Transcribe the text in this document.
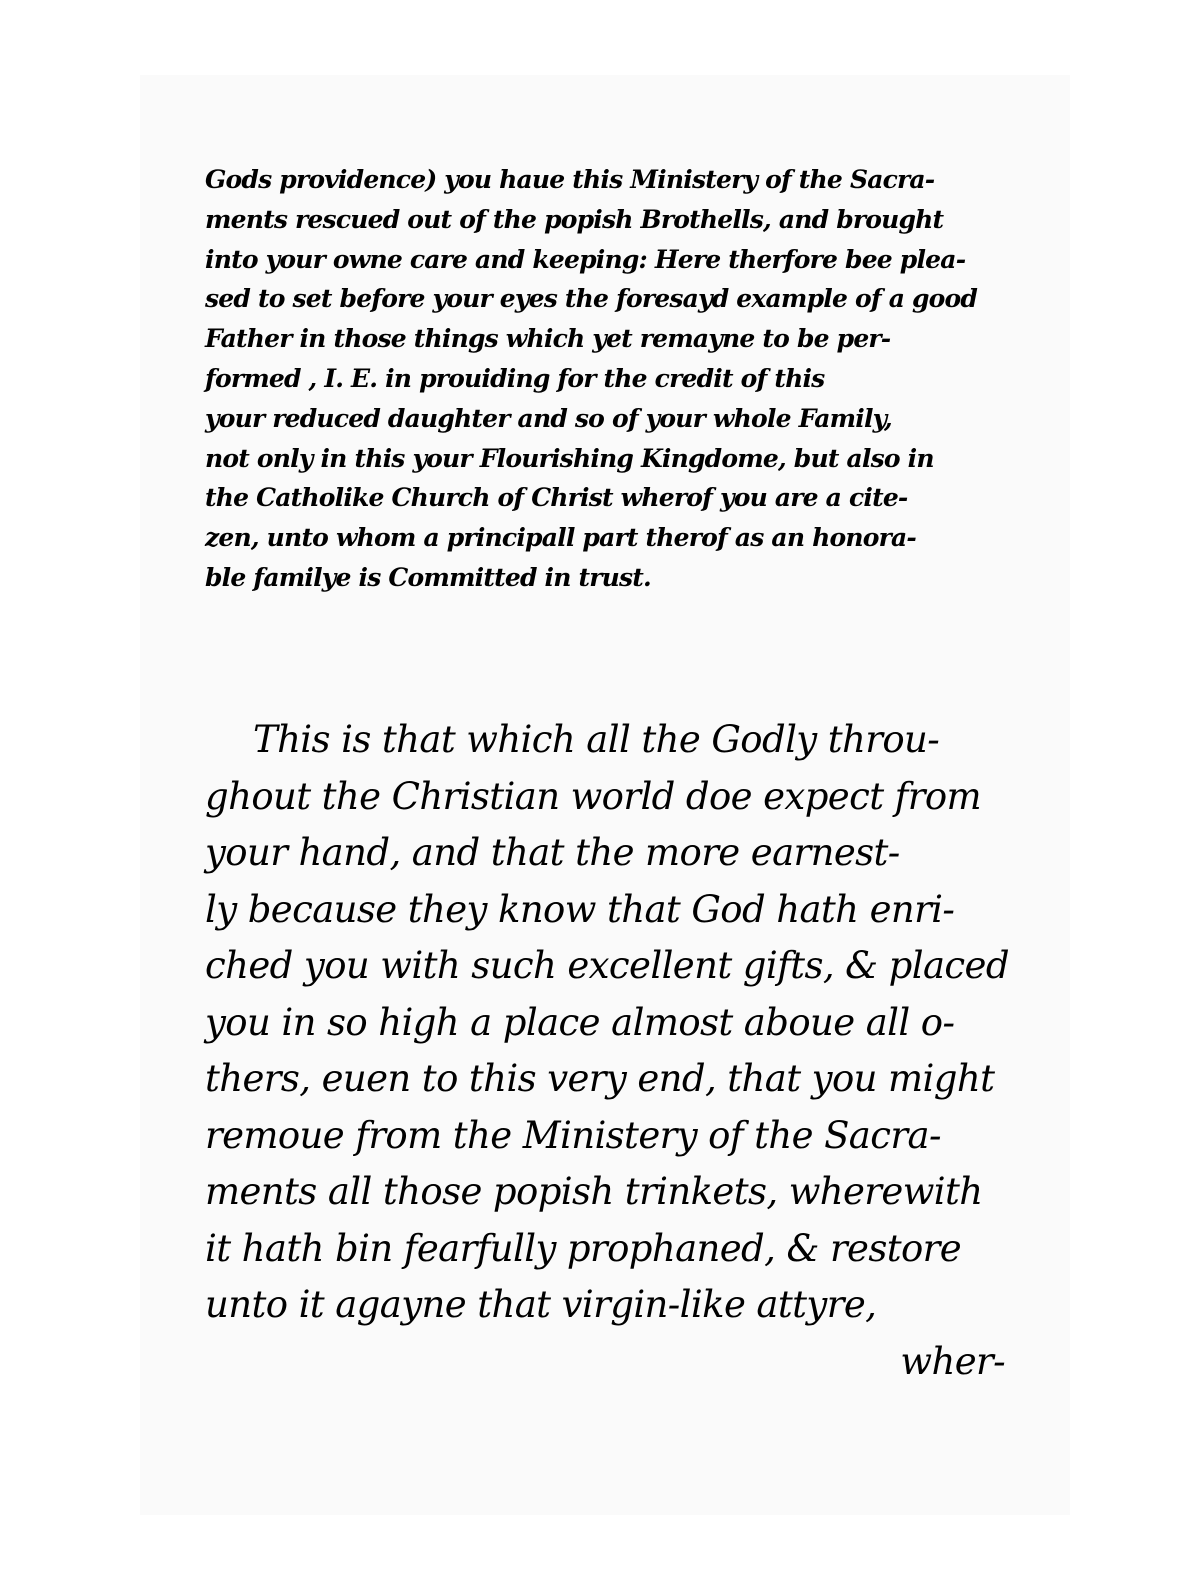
Gods providence) you haue this Ministery of the Sacra-
ments rescued out of the popish Brothells, and brought
into your owne care and keeping: Here therfore bee plea-
sed to set before your eyes the foresayd example of a good
Father in those things which yet remayne to be per-
formed , I. E. in prouiding for the credit of this
your reduced daughter and so of your whole Family,
not only in this your Flourishing Kingdome, but also in
the Catholike Church of Christ wherof you are a cite-
zen, unto whom a principall part therof as an honora-
ble familye is Committed in trust.
This is that which all the Godly throu-
ghout the Christian world doe expect from
your hand, and that the more earnest-
ly because they know that God hath enri-
ched you with such excellent gifts, & placed
you in so high a place almost aboue all o-
thers, euen to this very end, that you might
remoue from the Ministery of the Sacra-
ments all those popish trinkets, wherewith
it hath bin fearfully prophaned, & restore
unto it agayne that virgin-like attyre,
wher-
